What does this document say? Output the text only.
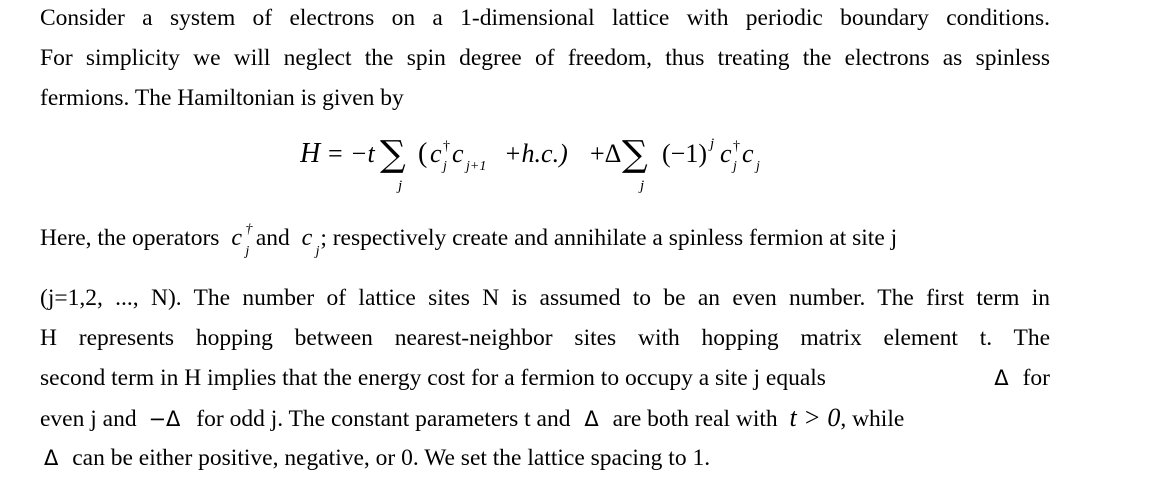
Consider a system of electrons on a 1-dimensional lattice with periodic boundary conditions.
For simplicity we will neglect the spin degree of freedom, thus treating the electrons as spinless
fermions. The Hamiltonian is given by
H = −t ∑
j
( c †
j c j+1 +h.c.) +Δ ∑
j
(−1) j c †
j c j
Here, the operators c †
j
and c
j
; respectively create and annihilate a spinless fermion at site j
(j=1,2, ..., N). The number of lattice sites N is assumed to be an even number. The first term in
H represents hopping between nearest-neighbor sites with hopping matrix element t. The
second term in H implies that the energy cost for a fermion to occupy a site j equals	Δ for
even j and −Δ for odd j. The constant parameters t and Δ are both real with t > 0, while
Δ can be either positive, negative, or 0. We set the lattice spacing to 1.
